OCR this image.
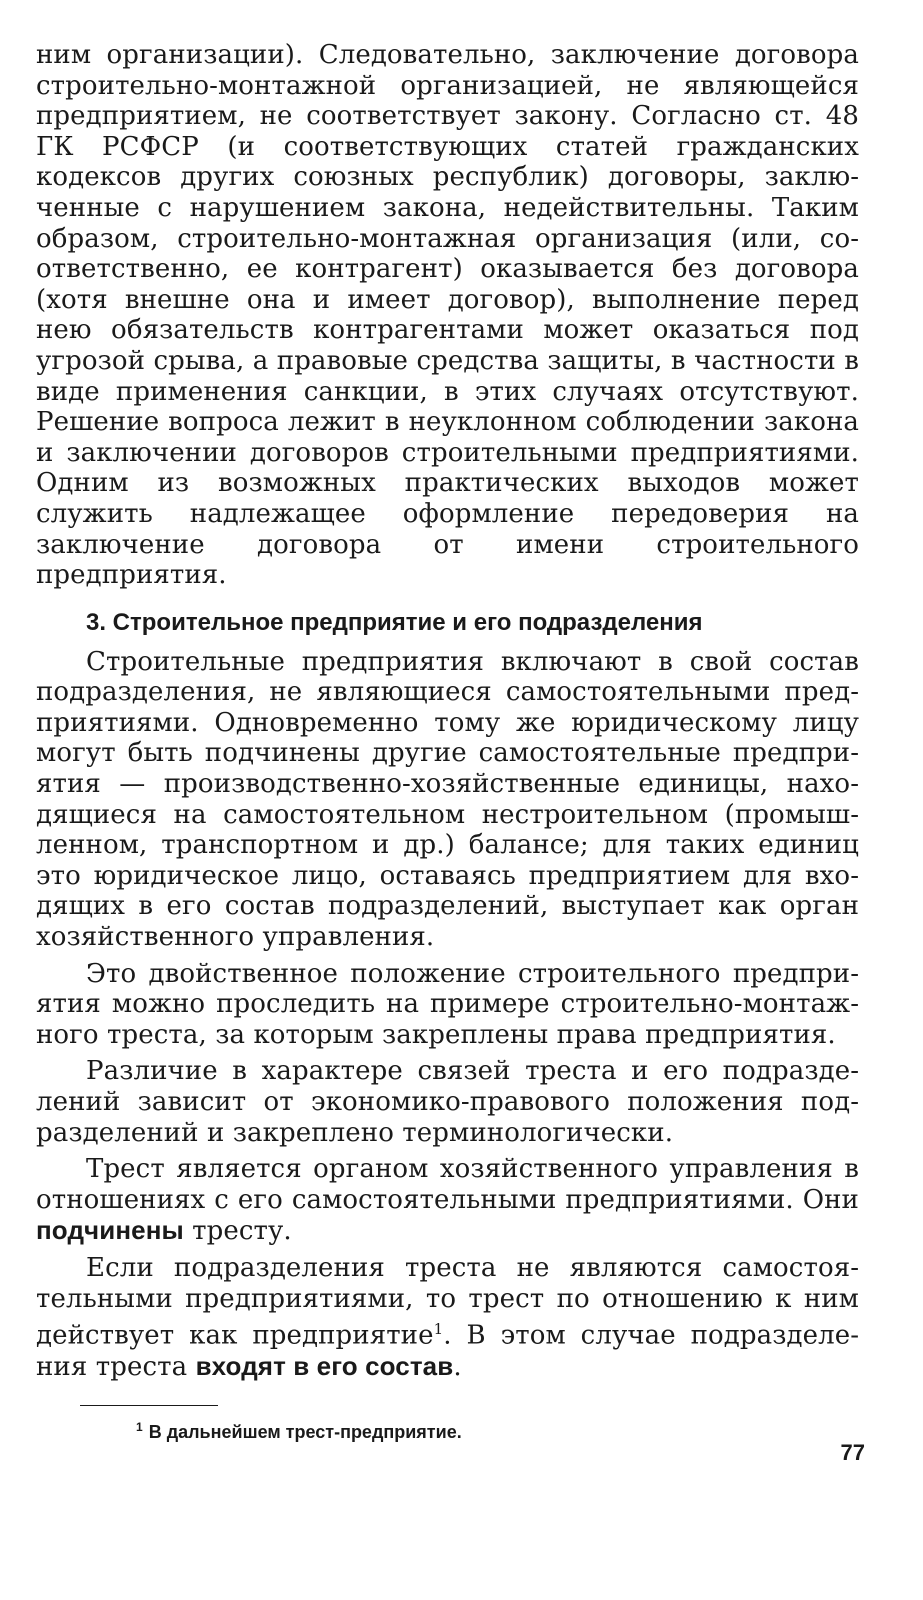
ним организации). Следовательно, заключение договора строительно-монтажной организацией, не являющейся предприятием, не соответствует закону. Согласно ст. 48 ГК РСФСР (и соответствующих статей гражданских кодексов других союзных республик) договоры, заключенные с нарушением закона, недействительны. Таким образом, строительно-монтажная организация (или, соответственно, ее контрагент) оказывается без договора (хотя внешне она и имеет договор), выполнение перед нею обязательств контрагентами может оказаться под угрозой срыва, а правовые средства защиты, в частности в виде применения санкции, в этих случаях отсутствуют. Решение вопроса лежит в неуклонном соблюдении закона и заключении договоров строительными предприятиями. Одним из возможных практических выходов может служить надлежащее оформление передоверия на заключение договора от имени строительного предприятия.

3. Строительное предприятие и его подразделения

Строительные предприятия включают в свой состав подразделения, не являющиеся самостоятельными предприятиями. Одновременно тому же юридическому лицу могут быть подчинены другие самостоятельные предприятия — производственно-хозяйственные единицы, находящиеся на самостоятельном нестроительном (промышленном, транспортном и др.) балансе; для таких единиц это юридическое лицо, оставаясь предприятием для входящих в его состав подразделений, выступает как орган хозяйственного управления.

Это двойственное положение строительного предприятия можно проследить на примере строительно-монтажного треста, за которым закреплены права предприятия.

Различие в характере связей треста и его подразделений зависит от экономико-правового положения подразделений и закреплено терминологически.

Трест является органом хозяйственного управления в отношениях с его самостоятельными предприятиями. Они подчинены тресту.

Если подразделения треста не являются самостоятельными предприятиями, то трест по отношению к ним действует как предприятие$^1$. В этом случае подразделения треста входят в его состав.

$^1$ В дальнейшем трест-предприятие.

77
